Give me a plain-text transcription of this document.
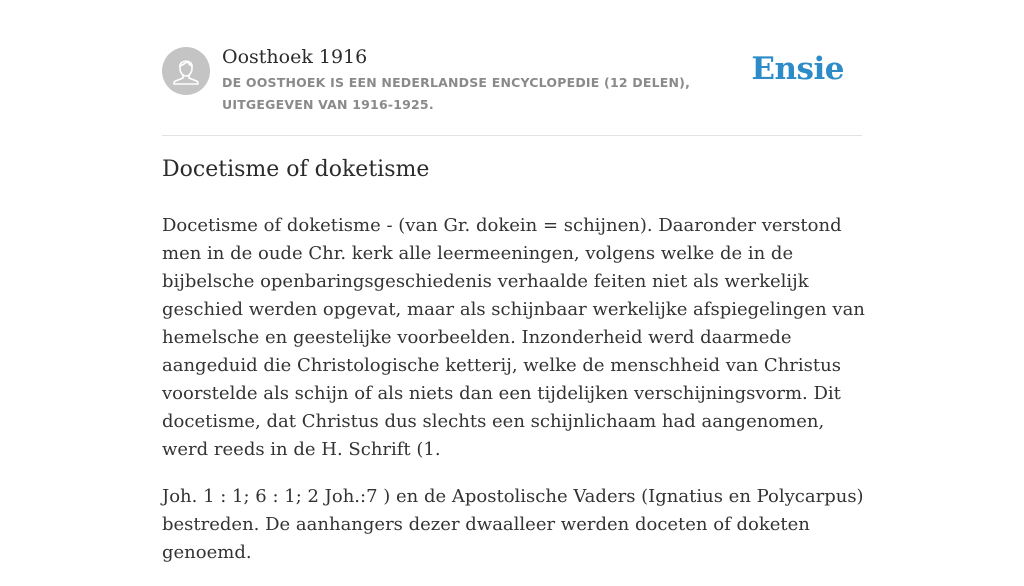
Oosthoek 1916

DE OOSTHOEK IS EEN NEDERLANDSE ENCYCLOPEDIE (12 DELEN), UITGEGEVEN VAN 1916-1925.

Ensie
Docetisme of doketisme

Docetisme of doketisme - (van Gr. dokein = schijnen). Daaronder verstond men in de oude Chr. kerk alle leermeeningen, volgens welke de in de bijbelsche openbaringsgeschiedenis verhaalde feiten niet als werkelijk geschied werden opgevat, maar als schijnbaar werkelijke afspiegelingen van hemelsche en geestelijke voorbeelden. Inzonderheid werd daarmede aangeduid die Christologische ketterij, welke de menschheid van Christus voorstelde als schijn of als niets dan een tijdelijken verschijningsvorm. Dit docetisme, dat Christus dus slechts een schijnlichaam had aangenomen, werd reeds in de H. Schrift (1.

Joh. 1 : 1; 6 : 1; 2 Joh.:7 ) en de Apostolische Vaders (Ignatius en Polycarpus) bestreden. De aanhangers dezer dwaalleer werden doceten of doketen genoemd.
